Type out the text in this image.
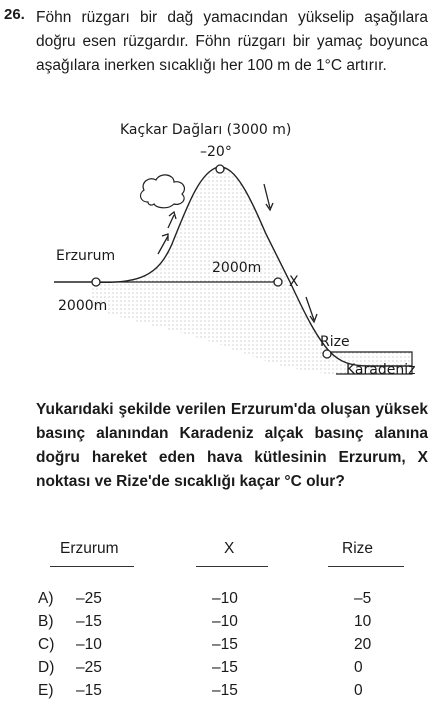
26. Föhn rüzgarı bir dağ yamacından yükselip aşağılara doğru esen rüzgardır. Föhn rüzgarı bir yamaç boyunca aşağılara inerken sıcaklığı her 100 m de 1°C artırır.
Kaçkar Dağları (3000 m)
–20°
Erzurum
2000m
2000m
X
Rize
Karadeniz
Yukarıdaki şekilde verilen Erzurum'da oluşan yüksek basınç alanından Karadeniz alçak basınç alanına doğru hareket eden hava kütlesinin Erzurum, X noktası ve Rize'de sıcaklığı kaçar °C olur?
Erzurum	X	Rize
A) –25	–10	–5
B) –15	–10	10
C) –10	–15	20
D) –25	–15	0
E) –15	–15	0
